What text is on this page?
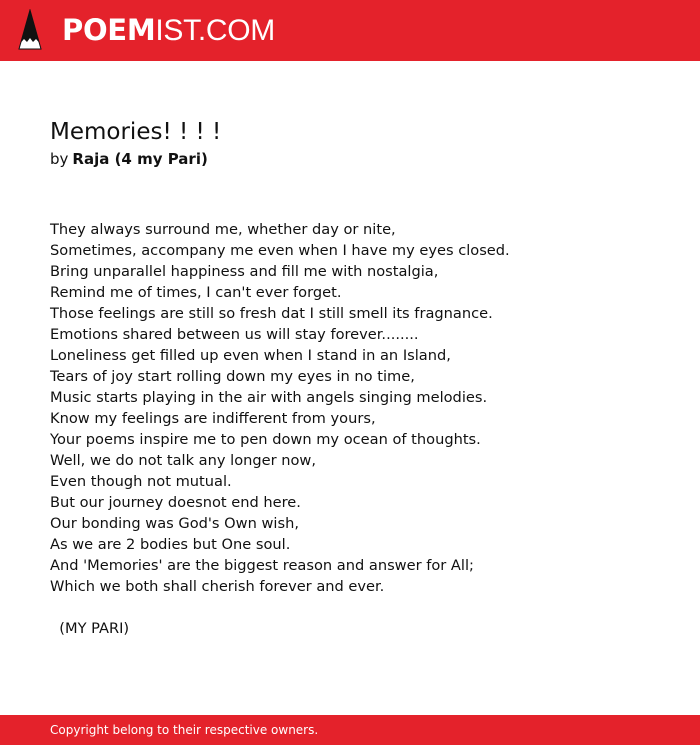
POEMIST.COM
Memories! ! ! !
by Raja (4 my Pari)
They always surround me, whether day or nite,
Sometimes, accompany me even when I have my eyes closed.
Bring unparallel happiness and fill me with nostalgia,
Remind me of times, I can't ever forget.
Those feelings are still so fresh dat I still smell its fragnance.
Emotions shared between us will stay forever........
Loneliness get filled up even when I stand in an Island,
Tears of joy start rolling down my eyes in no time,
Music starts playing in the air with angels singing melodies.
Know my feelings are indifferent from yours,
Your poems inspire me to pen down my ocean of thoughts.
Well, we do not talk any longer now,
Even though not mutual.
But our journey doesnot end here.
Our bonding was God's Own wish,
As we are 2 bodies but One soul.
And 'Memories' are the biggest reason and answer for All;
Which we both shall cherish forever and ever.

(MY PARI)
Copyright belong to their respective owners.
